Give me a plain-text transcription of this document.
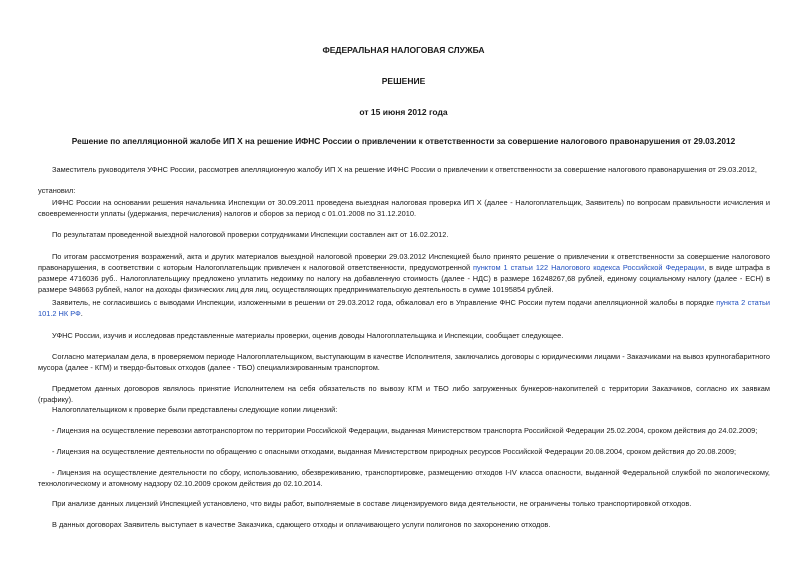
ФЕДЕРАЛЬНАЯ НАЛОГОВАЯ СЛУЖБА
РЕШЕНИЕ
от 15 июня 2012 года
Решение по апелляционной жалобе ИП Х на решение ИФНС России о привлечении к ответственности за совершение налогового правонарушения от 29.03.2012
Заместитель руководителя УФНС России, рассмотрев апелляционную жалобу ИП Х на решение ИФНС России о привлечении к ответственности за совершение налогового правонарушения от 29.03.2012,
установил:
ИФНС России на основании решения начальника Инспекции от 30.09.2011 проведена выездная налоговая проверка ИП Х (далее - Налогоплательщик, Заявитель) по вопросам правильности исчисления и своевременности уплаты (удержания, перечисления) налогов и сборов за период с 01.01.2008 по 31.12.2010.
По результатам проведенной выездной налоговой проверки сотрудниками Инспекции составлен акт от 16.02.2012.
По итогам рассмотрения возражений, акта и других материалов выездной налоговой проверки 29.03.2012 Инспекцией было принято решение о привлечении к ответственности за совершение налогового правонарушения, в соответствии с которым Налогоплательщик привлечен к налоговой ответственности, предусмотренной пунктом 1 статьи 122 Налогового кодекса Российской Федерации, в виде штрафа в размере 4716036 руб.. Налогоплательщику предложено уплатить недоимку по налогу на добавленную стоимость (далее - НДС) в размере 16248267,68 рублей, единому социальному налогу (далее - ЕСН) в размере 948663 рублей, налог на доходы физических лиц для лиц, осуществляющих предпринимательскую деятельность в сумме 10195854 рублей.
Заявитель, не согласившись с выводами Инспекции, изложенными в решении от 29.03.2012 года, обжаловал его в Управление ФНС России путем подачи апелляционной жалобы в порядке пункта 2 статьи 101.2 НК РФ.
УФНС России, изучив и исследовав представленные материалы проверки, оценив доводы Налогоплательщика и Инспекции, сообщает следующее.
Согласно материалам дела, в проверяемом периоде Налогоплательщиком, выступающим в качестве Исполнителя, заключались договоры с юридическими лицами - Заказчиками на вывоз крупногабаритного мусора (далее - КГМ) и твердо-бытовых отходов (далее - ТБО) специализированным транспортом.
Предметом данных договоров являлось принятие Исполнителем на себя обязательств по вывозу КГМ и ТБО либо загруженных бункеров-накопителей с территории Заказчиков, согласно их заявкам (графику).
Налогоплательщиком к проверке были представлены следующие копии лицензий:
- Лицензия на осуществление перевозки автотранспортом по территории Российской Федерации, выданная Министерством транспорта Российской Федерации 25.02.2004, сроком действия до 24.02.2009;
- Лицензия на осуществление деятельности по обращению с опасными отходами, выданная Министерством природных ресурсов Российской Федерации 20.08.2004, сроком действия до 20.08.2009;
- Лицензия на осуществление деятельности по сбору, использованию, обезвреживанию, транспортировке, размещению отходов I-IV класса опасности, выданной Федеральной службой по экологическому, технологическому и атомному надзору 02.10.2009 сроком действия до 02.10.2014.
При анализе данных лицензий Инспекцией установлено, что виды работ, выполняемые в составе лицензируемого вида деятельности, не ограничены только транспортировкой отходов.
В данных договорах Заявитель выступает в качестве Заказчика, сдающего отходы и оплачивающего услуги полигонов по захоронению отходов.
